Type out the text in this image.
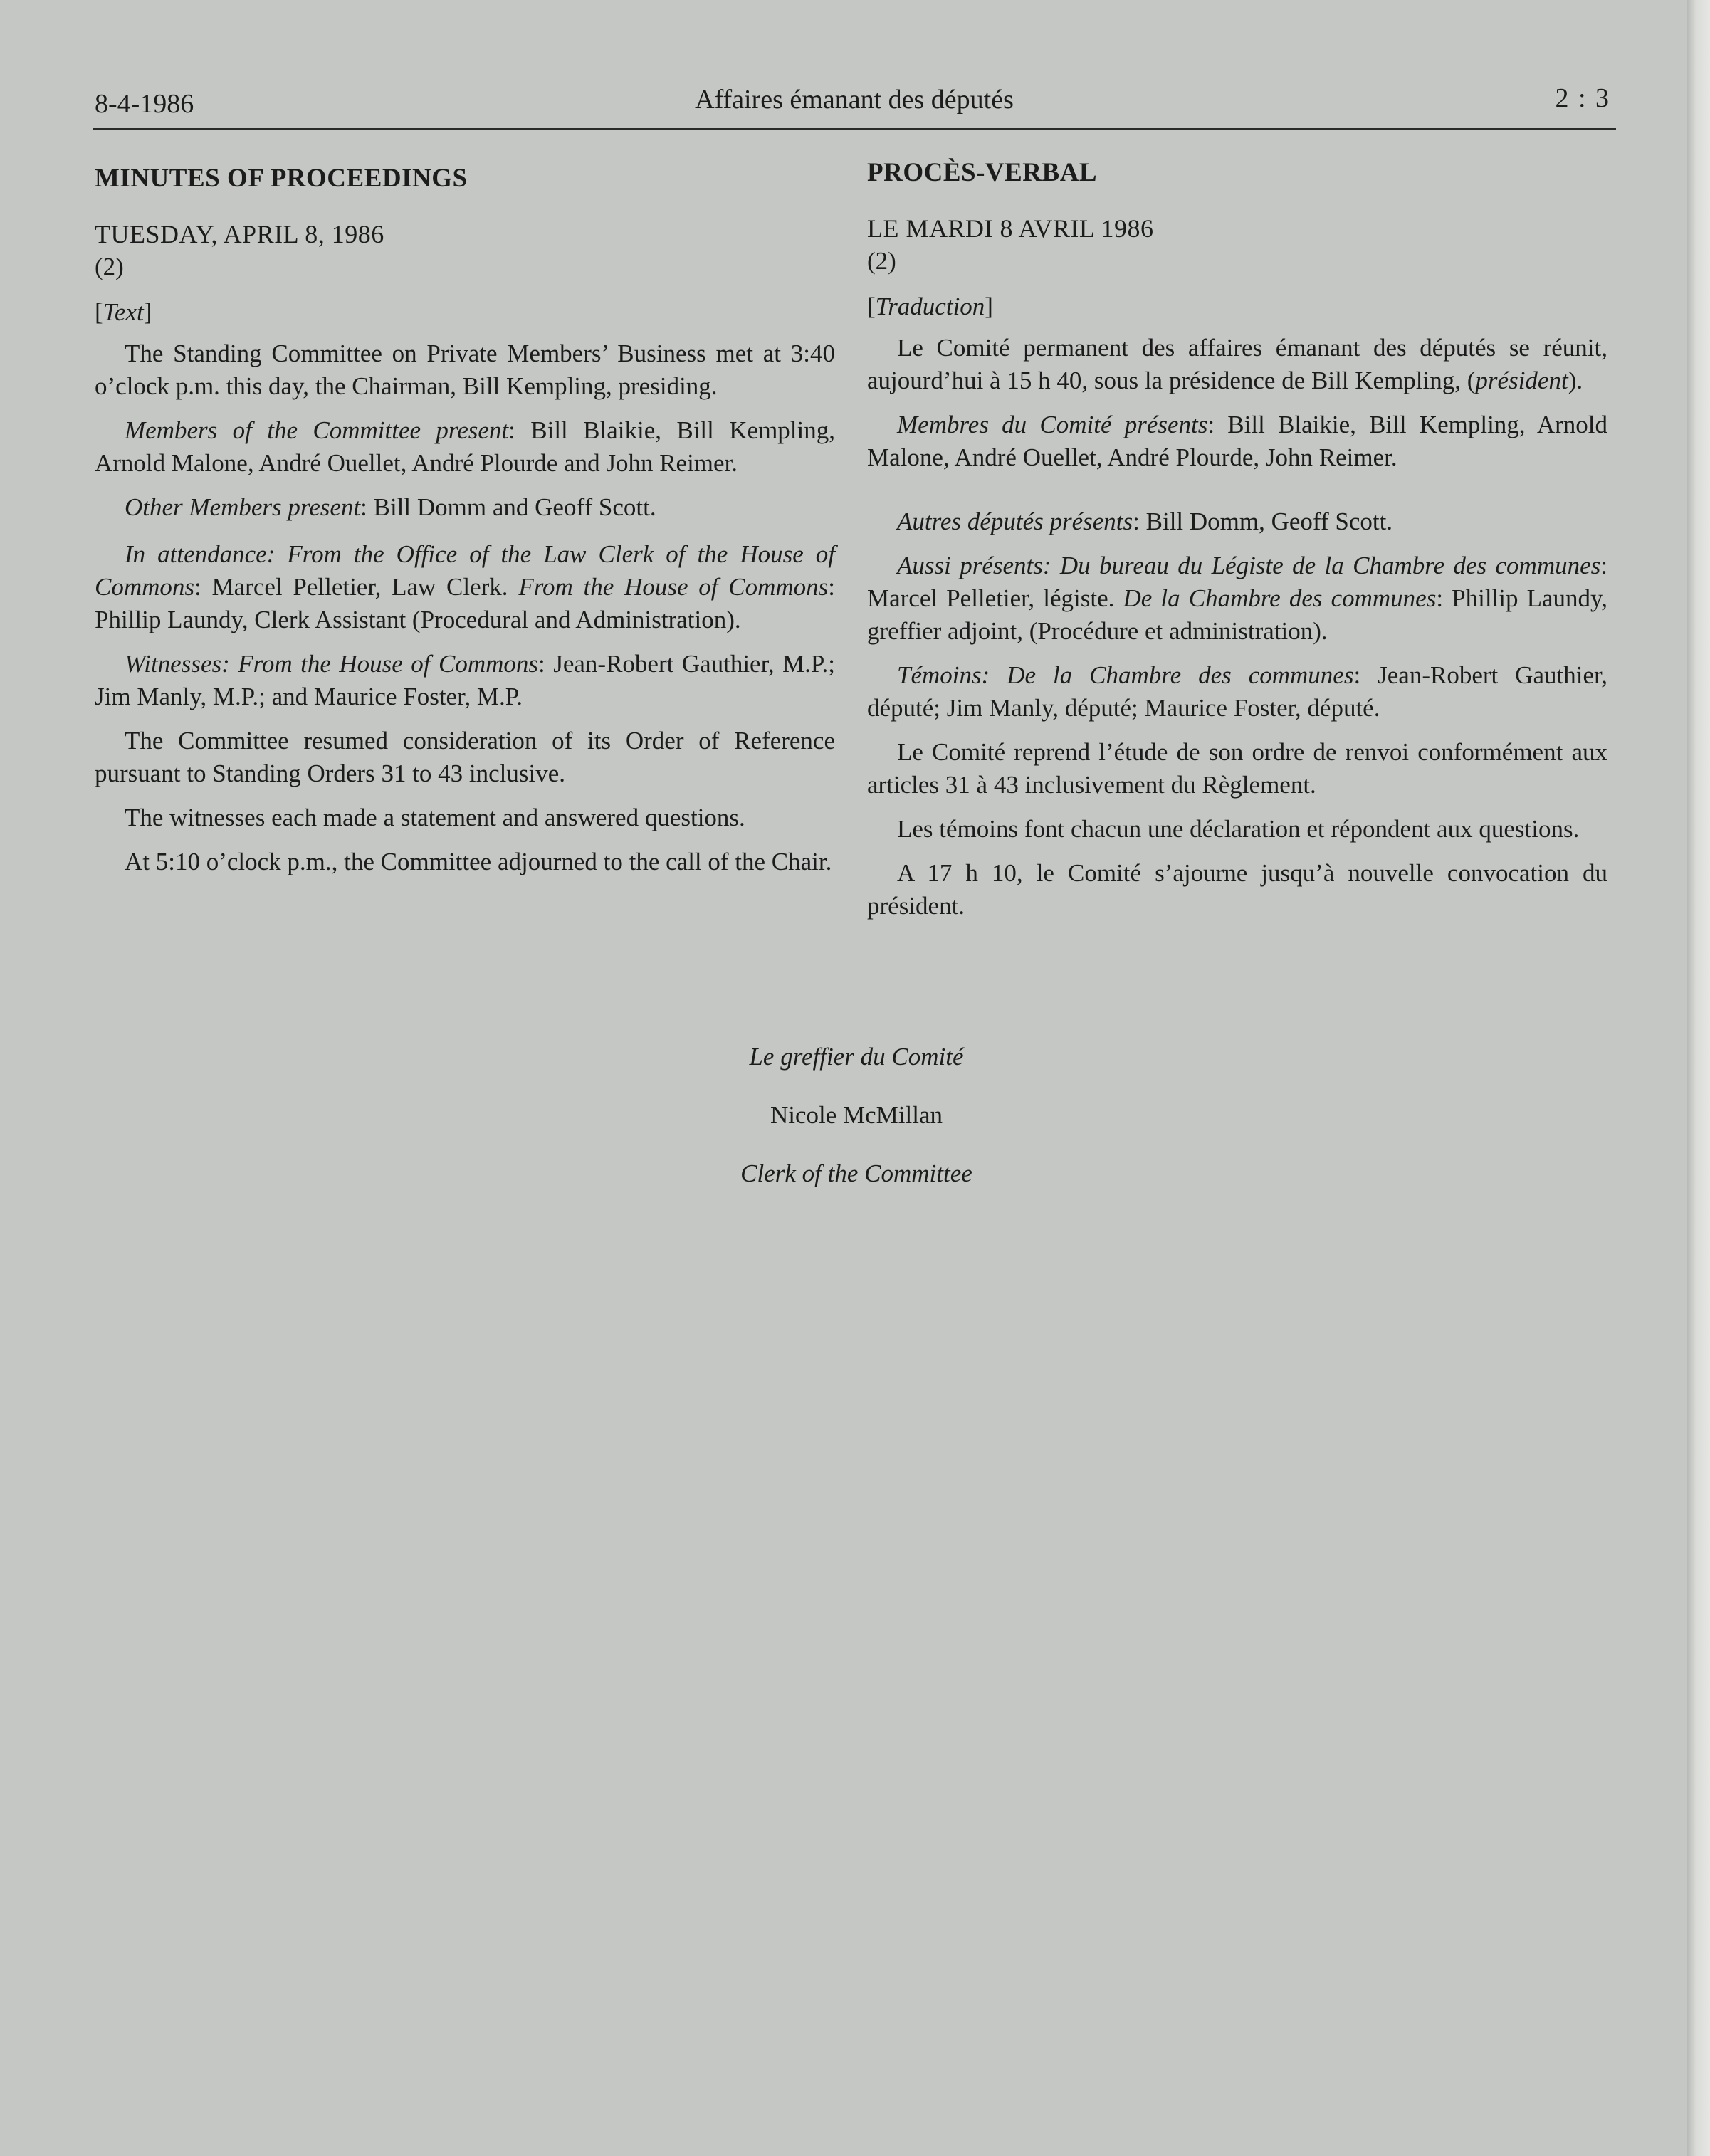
8-4-1986	Affaires émanant des députés	2 : 3
MINUTES OF PROCEEDINGS
TUESDAY, APRIL 8, 1986
(2)
[Text]

The Standing Committee on Private Members’ Business met at 3:40 o’clock p.m. this day, the Chairman, Bill Kempling, presiding.

Members of the Committee present: Bill Blaikie, Bill Kempling, Arnold Malone, André Ouellet, André Plourde and John Reimer.

Other Members present: Bill Domm and Geoff Scott.

In attendance: From the Office of the Law Clerk of the House of Commons: Marcel Pelletier, Law Clerk. From the House of Commons: Phillip Laundy, Clerk Assistant (Procedural and Administration).

Witnesses: From the House of Commons: Jean-Robert Gauthier, M.P.; Jim Manly, M.P.; and Maurice Foster, M.P.

The Committee resumed consideration of its Order of Reference pursuant to Standing Orders 31 to 43 inclusive.

The witnesses each made a statement and answered questions.

At 5:10 o’clock p.m., the Committee adjourned to the call of the Chair.

PROCÈS-VERBAL
LE MARDI 8 AVRIL 1986
(2)
[Traduction]

Le Comité permanent des affaires émanant des députés se réunit, aujourd’hui à 15 h 40, sous la présidence de Bill Kempling, (président).

Membres du Comité présents: Bill Blaikie, Bill Kempling, Arnold Malone, André Ouellet, André Plourde, John Reimer.

Autres députés présents: Bill Domm, Geoff Scott.

Aussi présents: Du bureau du Légiste de la Chambre des communes: Marcel Pelletier, légiste. De la Chambre des communes: Phillip Laundy, greffier adjoint, (Procédure et administration).

Témoins: De la Chambre des communes: Jean-Robert Gauthier, député; Jim Manly, député; Maurice Foster, député.

Le Comité reprend l’étude de son ordre de renvoi conformément aux articles 31 à 43 inclusivement du Règlement.

Les témoins font chacun une déclaration et répondent aux questions.

A 17 h 10, le Comité s’ajourne jusqu’à nouvelle convocation du président.

Le greffier du Comité
Nicole McMillan
Clerk of the Committee
